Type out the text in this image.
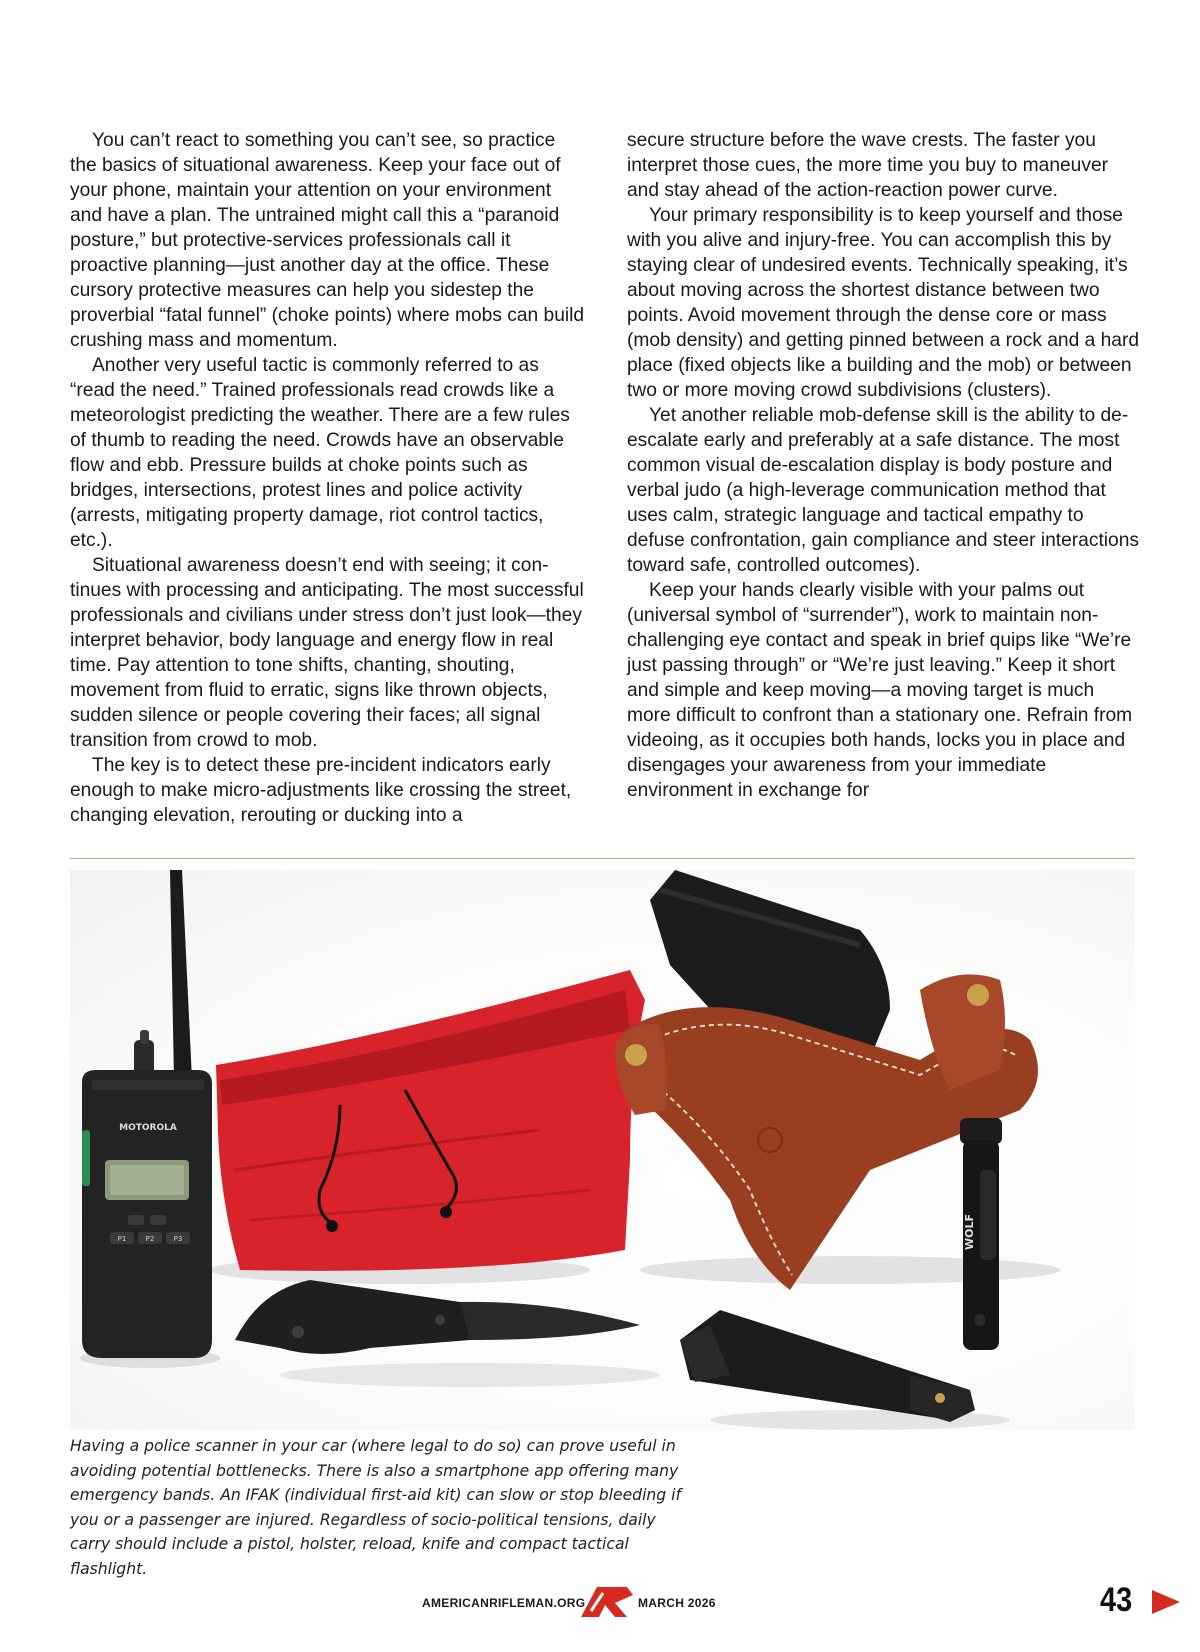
You can’t react to something you can’t see, so practice the basics of situational awareness. Keep your face out of your phone, maintain your attention on your environment and have a plan. The untrained might call this a “paranoid posture,” but protective-services professionals call it proactive planning—just another day at the office. These cursory protective measures can help you sidestep the proverbial “fatal funnel” (choke points) where mobs can build crushing mass and momentum.

Another very useful tactic is commonly referred to as “read the need.” Trained professionals read crowds like a meteorologist predicting the weather. There are a few rules of thumb to reading the need. Crowds have an observable flow and ebb. Pressure builds at choke points such as bridges, intersections, protest lines and police activity (arrests, mitigating property damage, riot control tactics, etc.).

Situational awareness doesn’t end with seeing; it continues with processing and anticipating. The most successful professionals and civilians under stress don’t just look—they interpret behavior, body language and energy flow in real time. Pay attention to tone shifts, chanting, shouting, movement from fluid to erratic, signs like thrown objects, sudden silence or people covering their faces; all signal transition from crowd to mob.

The key is to detect these pre-incident indicators early enough to make micro-adjustments like crossing the street, changing elevation, rerouting or ducking into a

secure structure before the wave crests. The faster you interpret those cues, the more time you buy to maneuver and stay ahead of the action-reaction power curve.

Your primary responsibility is to keep yourself and those with you alive and injury-free. You can accomplish this by staying clear of undesired events. Technically speaking, it’s about moving across the shortest distance between two points. Avoid movement through the dense core or mass (mob density) and getting pinned between a rock and a hard place (fixed objects like a building and the mob) or between two or more moving crowd subdivisions (clusters).

Yet another reliable mob-defense skill is the ability to de-escalate early and preferably at a safe distance. The most common visual de-escalation display is body posture and verbal judo (a high-leverage communication method that uses calm, strategic language and tactical empathy to defuse confrontation, gain compliance and steer interactions toward safe, controlled outcomes).

Keep your hands clearly visible with your palms out (universal symbol of “surrender”), work to maintain nonchallenging eye contact and speak in brief quips like “We’re just passing through” or “We’re just leaving.” Keep it short and simple and keep moving—a moving target is much more difficult to confront than a stationary one. Refrain from videoing, as it occupies both hands, locks you in place and disengages your awareness from your immediate environment in exchange for

MOTOROLA
P1	P2	P3	WOLF
Having a police scanner in your car (where legal to do so) can prove useful in avoiding potential bottlenecks. There is also a smartphone app offering many emergency bands. An IFAK (individual first-aid kit) can slow or stop bleeding if you or a passenger are injured. Regardless of socio-political tensions, daily carry should include a pistol, holster, reload, knife and compact tactical flashlight.
AMERICANRIFLEMAN.ORG	MARCH 2026	43
